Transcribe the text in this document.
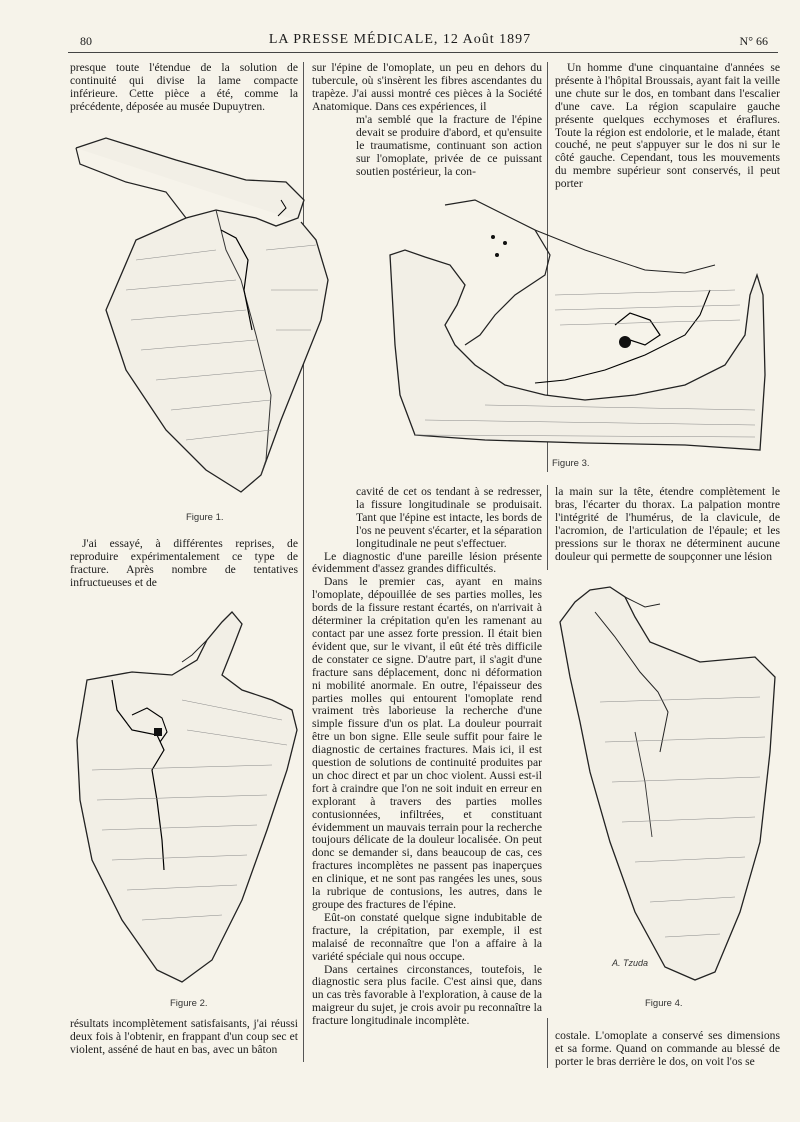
80	LA PRESSE MÉDICALE, 12 Août 1897	N° 66

presque toute l'étendue de la solution de continuité qui divise la lame compacte inférieure. Cette pièce a été, comme la précédente, déposée au musée Dupuytren.

Figure 1.

J'ai essayé, à différentes reprises, de reproduire expérimentalement ce type de fracture. Après nombre de tentatives infructueuses et de

Figure 2.

résultats incomplètement satisfaisants, j'ai réussi deux fois à l'obtenir, en frappant d'un coup sec et violent, asséné de haut en bas, avec un bâton

sur l'épine de l'omoplate, un peu en dehors du tubercule, où s'insèrent les fibres ascendantes du trapèze. J'ai aussi montré ces pièces à la Société Anatomique. Dans ces expériences, il

m'a semblé que la fracture de l'épine devait se produire d'abord, et qu'ensuite le traumatisme, continuant son action sur l'omoplate, privée de ce puissant soutien postérieur, la con-

Figure 3.

Un homme d'une cinquantaine d'années se présente à l'hôpital Broussais, ayant fait la veille une chute sur le dos, en tombant dans l'escalier d'une cave. La région scapulaire gauche présente quelques ecchymoses et éraflures. Toute la région est endolorie, et le malade, étant couché, ne peut s'appuyer sur le dos ni sur le côté gauche. Cependant, tous les mouvements du membre supérieur sont conservés, il peut porter

cavité de cet os tendant à se redresser, la fissure longitudinale se produisait. Tant que l'épine est intacte, les bords de l'os ne peuvent s'écarter, et la séparation longitudinale ne peut s'effectuer.

Le diagnostic d'une pareille lésion présente évidemment d'assez grandes difficultés.

Dans le premier cas, ayant en mains l'omoplate, dépouillée de ses parties molles, les bords de la fissure restant écartés, on n'arrivait à déterminer la crépitation qu'en les ramenant au contact par une assez forte pression. Il était bien évident que, sur le vivant, il eût été très difficile de constater ce signe. D'autre part, il s'agit d'une fracture sans déplacement, donc ni déformation ni mobilité anormale. En outre, l'épaisseur des parties molles qui entourent l'omoplate rend vraiment très laborieuse la recherche d'une simple fissure d'un os plat. La douleur pourrait être un bon signe. Elle seule suffit pour faire le diagnostic de certaines fractures. Mais ici, il est question de solutions de continuité produites par un choc direct et par un choc violent. Aussi est-il fort à craindre que l'on ne soit induit en erreur en explorant à travers des parties molles contusionnées, infiltrées, et constituant évidemment un mauvais terrain pour la recherche toujours délicate de la douleur localisée. On peut donc se demander si, dans beaucoup de cas, ces fractures incomplètes ne passent pas inaperçues en clinique, et ne sont pas rangées les unes, sous la rubrique de contusions, les autres, dans le groupe des fractures de l'épine.

Eût-on constaté quelque signe indubitable de fracture, la crépitation, par exemple, il est malaisé de reconnaître que l'on a affaire à la variété spéciale qui nous occupe.

Dans certaines circonstances, toutefois, le diagnostic sera plus facile. C'est ainsi que, dans un cas très favorable à l'exploration, à cause de la maigreur du sujet, je crois avoir pu reconnaître la fracture longitudinale incomplète.

la main sur la tête, étendre complètement le bras, l'écarter du thorax. La palpation montre l'intégrité de l'humérus, de la clavicule, de l'acromion, de l'articulation de l'épaule; et les pressions sur le thorax ne déterminent aucune douleur qui permette de soupçonner une lésion

A. Tzuda
Figure 4.

costale. L'omoplate a conservé ses dimensions et sa forme. Quand on commande au blessé de porter le bras derrière le dos, on voit l'os se
